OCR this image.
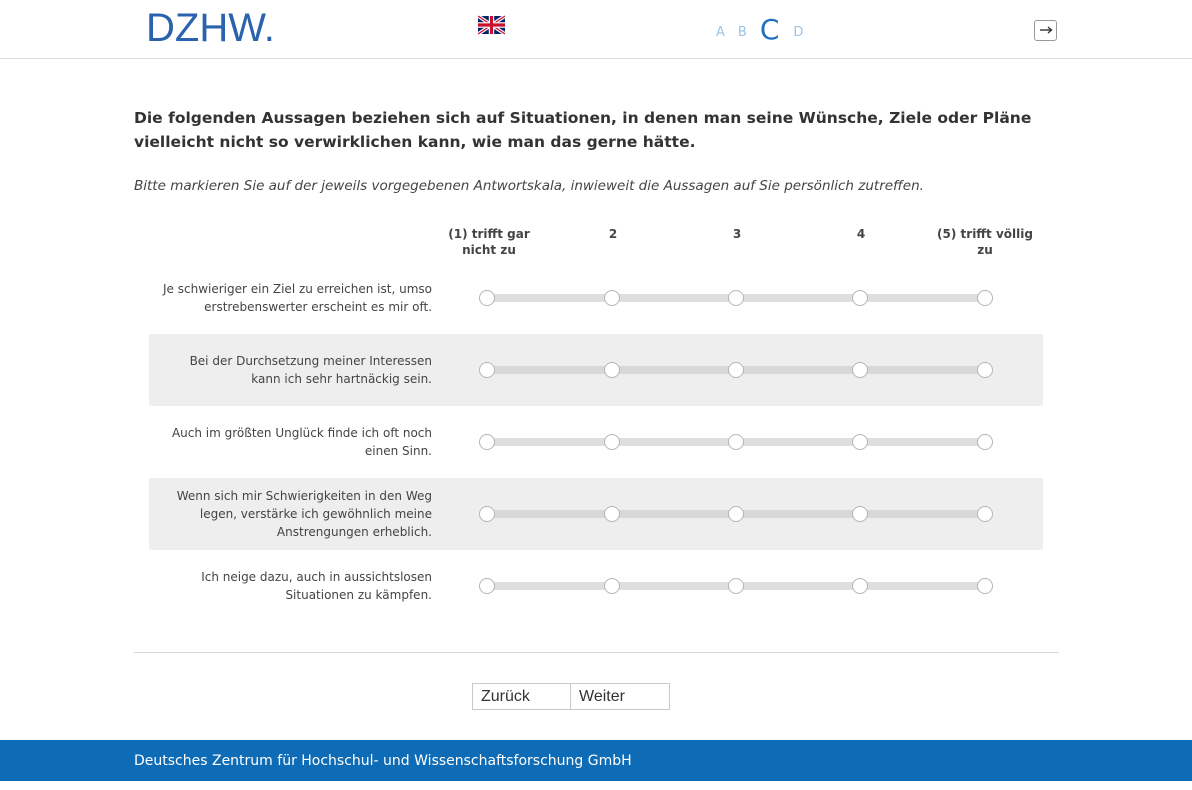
DZHW.	A B C D
Die folgenden Aussagen beziehen sich auf Situationen, in denen man seine Wünsche, Ziele oder Pläne vielleicht nicht so verwirklichen kann, wie man das gerne hätte.
Bitte markieren Sie auf der jeweils vorgegebenen Antwortskala, inwieweit die Aussagen auf Sie persönlich zutreffen.
(1) trifft gar nicht zu
2	3	4	(5) trifft völlig zu
Je schwieriger ein Ziel zu erreichen ist, umso erstrebenswerter erscheint es mir oft.
Bei der Durchsetzung meiner Interessen kann ich sehr hartnäckig sein.
Auch im größten Unglück finde ich oft noch einen Sinn.
Wenn sich mir Schwierigkeiten in den Weg legen, verstärke ich gewöhnlich meine Anstrengungen erheblich.
Ich neige dazu, auch in aussichtslosen Situationen zu kämpfen.
Zurück	Weiter
Deutsches Zentrum für Hochschul- und Wissenschaftsforschung GmbH
